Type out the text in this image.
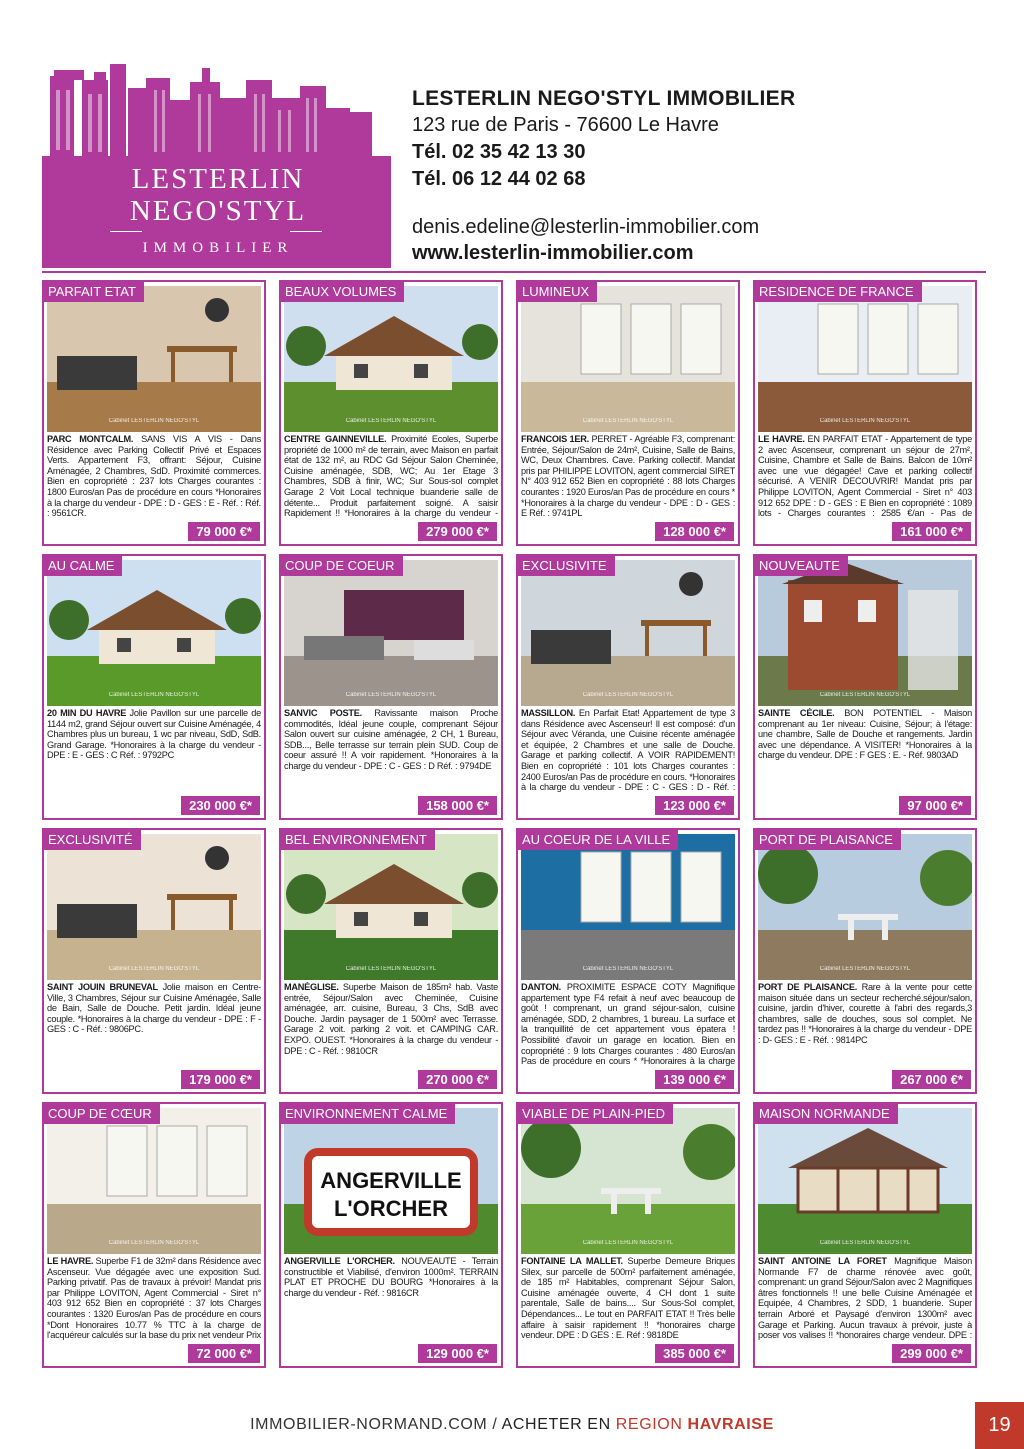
LESTERLIN
NEGO'STYL
IMMOBILIER

LESTERLIN NEGO'STYL IMMOBILIER

123 rue de Paris - 76600 Le Havre

Tél. 02 35 42 13 30

Tél. 06 12 44 02 68

denis.edeline@lesterlin-immobilier.com

www.lesterlin-immobilier.com

Cabinet LESTERLIN NEGO'STYL
PARFAIT ETAT
PARC MONTCALM. SANS VIS A VIS - Dans Résidence avec Parking Collectif Privé et Espaces Verts. Appartement F3, offrant: Séjour, Cuisine Aménagée, 2 Chambres, SdD. Proximité commerces. Bien en copropriété : 237 lots Charges courantes : 1800 Euros/an Pas de procédure en cours *Honoraires à la charge du vendeur - DPE : D - GES : E - Réf. : Réf. : 9561CR.
79 000 €*
Cabinet LESTERLIN NEGO'STYL
BEAUX VOLUMES
CENTRE GAINNEVILLE. Proximité Ecoles, Superbe propriété de 1000 m² de terrain, avec Maison en parfait état de 132 m², au RDC Gd Séjour Salon Cheminée, Cuisine aménagée, SDB, WC; Au 1er Etage 3 Chambres, SDB à finir, WC; Sur Sous-sol complet Garage 2 Voit Local technique buanderie salle de détente... Produit parfaitement soigné. A saisir Rapidement !! *Honoraires à la charge du vendeur -
279 000 €*
Cabinet LESTERLIN NEGO'STYL
LUMINEUX
FRANCOIS 1ER. PERRET - Agréable F3, comprenant: Entrée, Séjour/Salon de 24m², Cuisine, Salle de Bains, WC, Deux Chambres. Cave. Parking collectif. Mandat pris par PHILIPPE LOVITON, agent commercial SIRET N° 403 912 652 Bien en copropriété : 88 lots Charges courantes : 1920 Euros/an Pas de procédure en cours * *Honoraires à la charge du vendeur - DPE : D - GES : E Réf. : 9741PL
128 000 €*
Cabinet LESTERLIN NEGO'STYL
RESIDENCE DE FRANCE
LE HAVRE. EN PARFAIT ETAT - Appartement de type 2 avec Ascenseur, comprenant un séjour de 27m², Cuisine, Chambre et Salle de Bains. Balcon de 10m² avec une vue dégagée! Cave et parking collectif sécurisé. A VENIR DECOUVRIR! Mandat pris par Philippe LOVITON, Agent Commercial - Siret n° 403 912 652 DPE : D - GES : E Bien en copropriété : 1089 lots - Charges courantes : 2585 €/an - Pas de
161 000 €*
Cabinet LESTERLIN NEGO'STYL
AU CALME
20 MIN DU HAVRE Jolie Pavillon sur une parcelle de 1144 m2, grand Séjour ouvert sur Cuisine Aménagée, 4 Chambres plus un bureau, 1 wc par niveau, SdD, SdB. Grand Garage. *Honoraires à la charge du vendeur - DPE : E - GES : C Réf. : 9792PC
230 000 €*
Cabinet LESTERLIN NEGO'STYL
COUP DE COEUR
SANVIC POSTE. Ravissante maison Proche commodités, Idéal jeune couple, comprenant Séjour Salon ouvert sur cuisine aménagée, 2 CH, 1 Bureau, SDB..., Belle terrasse sur terrain plein SUD. Coup de coeur assuré !! A voir rapidement. *Honoraires à la charge du vendeur - DPE : C - GES : D Réf. : 9794DE
158 000 €*
Cabinet LESTERLIN NEGO'STYL
EXCLUSIVITE
MASSILLON. En Parfait Etat! Appartement de type 3 dans Résidence avec Ascenseur! Il est composé: d'un Séjour avec Véranda, une Cuisine récente aménagée et équipée, 2 Chambres et une salle de Douche. Garage et parking collectif. A VOIR RAPIDEMENT! Bien en copropriété : 101 lots Charges courantes : 2400 Euros/an Pas de procédure en cours. *Honoraires à la charge du vendeur - DPE : C - GES : D - Réf. :
123 000 €*
Cabinet LESTERLIN NEGO'STYL
NOUVEAUTE
SAINTE CÉCILE. BON POTENTIEL - Maison comprenant au 1er niveau: Cuisine, Séjour; à l'étage: une chambre, Salle de Douche et rangements. Jardin avec une dépendance. A VISITER! *Honoraires à la charge du vendeur. DPE : F GES : E. - Réf. 9803AD
97 000 €*
Cabinet LESTERLIN NEGO'STYL
EXCLUSIVITÉ
SAINT JOUIN BRUNEVAL Jolie maison en Centre-Ville, 3 Chambres, Séjour sur Cuisine Aménagée, Salle de Bain, Salle de Douche. Petit jardin. Idéal jeune couple. *Honoraires à la charge du vendeur - DPE : F - GES : C - Réf. : 9806PC.
179 000 €*
Cabinet LESTERLIN NEGO'STYL
BEL ENVIRONNEMENT
MANÉGLISE. Superbe Maison de 185m² hab. Vaste entrée, Séjour/Salon avec Cheminée, Cuisine aménagée, arr. cuisine, Bureau, 3 Chs, SdB avec Douche. Jardin paysager de 1 500m² avec Terrasse. Garage 2 voit. parking 2 voit. et CAMPING CAR. EXPO. OUEST. *Honoraires à la charge du vendeur - DPE : C - Réf. : 9810CR
270 000 €*
Cabinet LESTERLIN NEGO'STYL
AU COEUR DE LA VILLE
DANTON. PROXIMITE ESPACE COTY Magnifique appartement type F4 refait à neuf avec beaucoup de goût ! comprenant, un grand séjour-salon, cuisine aménagée, SDD, 2 chambres, 1 bureau. La surface et la tranquillité de cet appartement vous épatera ! Possibilité d'avoir un garage en location. Bien en copropriété : 9 lots Charges courantes : 480 Euros/an Pas de procédure en cours * *Honoraires à la charge
139 000 €*
Cabinet LESTERLIN NEGO'STYL
PORT DE PLAISANCE
PORT DE PLAISANCE. Rare à la vente pour cette maison située dans un secteur recherché.séjour/salon, cuisine, jardin d'hiver, courette à l'abri des regards,3 chambres, salle de douches, sous sol complet. Ne tardez pas !! *Honoraires à la charge du vendeur - DPE : D- GES : E - Réf. : 9814PC
267 000 €*
Cabinet LESTERLIN NEGO'STYL
COUP DE CŒUR
LE HAVRE. Superbe F1 de 32m² dans Résidence avec Ascenseur. Vue dégagée avec une exposition Sud. Parking privatif. Pas de travaux à prévoir! Mandat pris par Philippe LOVITON, Agent Commercial - Siret n° 403 912 652 Bien en copropriété : 37 lots Charges courantes : 1320 Euros/an Pas de procédure en cours *Dont Honoraires 10.77 % TTC à la charge de l'acquéreur calculés sur la base du prix net vendeur Prix
72 000 €*
ANGERVILLE
L'ORCHER
ENVIRONNEMENT CALME
ANGERVILLE L'ORCHER. NOUVEAUTE - Terrain constructible et Viabilisé, d'environ 1000m². TERRAIN PLAT ET PROCHE DU BOURG *Honoraires à la charge du vendeur - Réf. : 9816CR
129 000 €*
Cabinet LESTERLIN NEGO'STYL
VIABLE DE PLAIN-PIED
FONTAINE LA MALLET. Superbe Demeure Briques Silex, sur parcelle de 500m² parfaitement aménagée, de 185 m² Habitables, comprenant Séjour Salon, Cuisine aménagée ouverte, 4 CH dont 1 suite parentale, Salle de bains.... Sur Sous-Sol complet, Dépendances... Le tout en PARFAIT ETAT !! Très belle affaire à saisir rapidement !! *honoraires charge vendeur. DPE : D GES : E. Réf : 9818DE
385 000 €*
Cabinet LESTERLIN NEGO'STYL
MAISON NORMANDE
SAINT ANTOINE LA FORET Magnifique Maison Normande F7 de charme rénovée avec goût, comprenant: un grand Séjour/Salon avec 2 Magnifiques âtres fonctionnels !! une belle Cuisine Aménagée et Equipée, 4 Chambres, 2 SDD, 1 buanderie. Super terrain Arboré et Paysagé d'environ 1300m² avec Garage et Parking. Aucun travaux à prévoir, juste à poser vos valises !! *honoraires charge vendeur. DPE :
299 000 €*
IMMOBILIER-NORMAND.COM / ACHETER EN REGION HAVRAISE	19
